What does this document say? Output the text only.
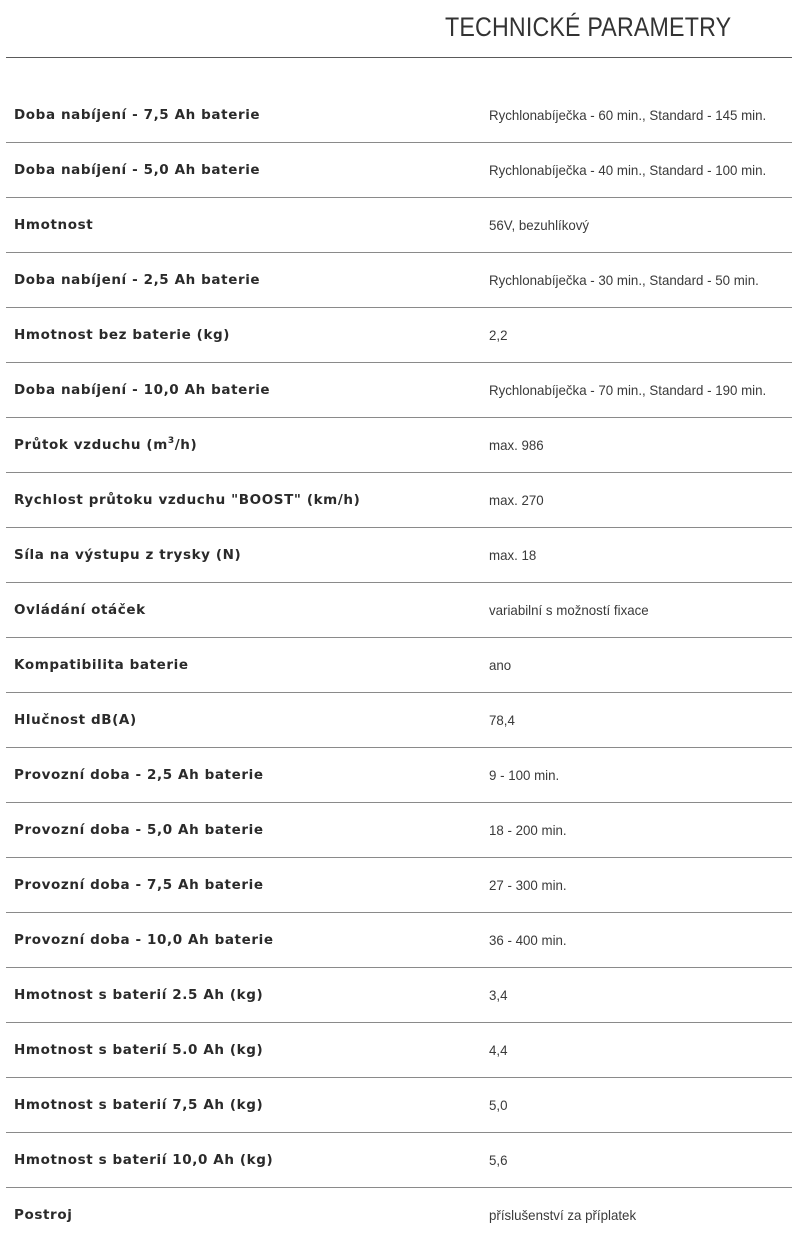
TECHNICKÉ PARAMETRY
Doba nabíjení - 7,5 Ah baterie	Rychlonabíječka - 60 min., Standard - 145 min.
Doba nabíjení - 5,0 Ah baterie	Rychlonabíječka - 40 min., Standard - 100 min.
Hmotnost	56V, bezuhlíkový
Doba nabíjení - 2,5 Ah baterie	Rychlonabíječka - 30 min., Standard - 50 min.
Hmotnost bez baterie (kg)	2,2
Doba nabíjení - 10,0 Ah baterie	Rychlonabíječka - 70 min., Standard - 190 min.
Průtok vzduchu $(m^3/h)$	max. 986
Rychlost průtoku vzduchu "BOOST" (km/h)	max. 270
Síla na výstupu z trysky (N)	max. 18
Ovládání otáček	variabilní s možností fixace
Kompatibilita baterie	ano
Hlučnost dB(A)	78,4
Provozní doba - 2,5 Ah baterie	9 - 100 min.
Provozní doba - 5,0 Ah baterie	18 - 200 min.
Provozní doba - 7,5 Ah baterie	27 - 300 min.
Provozní doba - 10,0 Ah baterie	36 - 400 min.
Hmotnost s baterií 2.5 Ah (kg)	3,4
Hmotnost s baterií 5.0 Ah (kg)	4,4
Hmotnost s baterií 7,5 Ah (kg)	5,0
Hmotnost s baterií 10,0 Ah (kg)	5,6
Postroj	příslušenství za příplatek
